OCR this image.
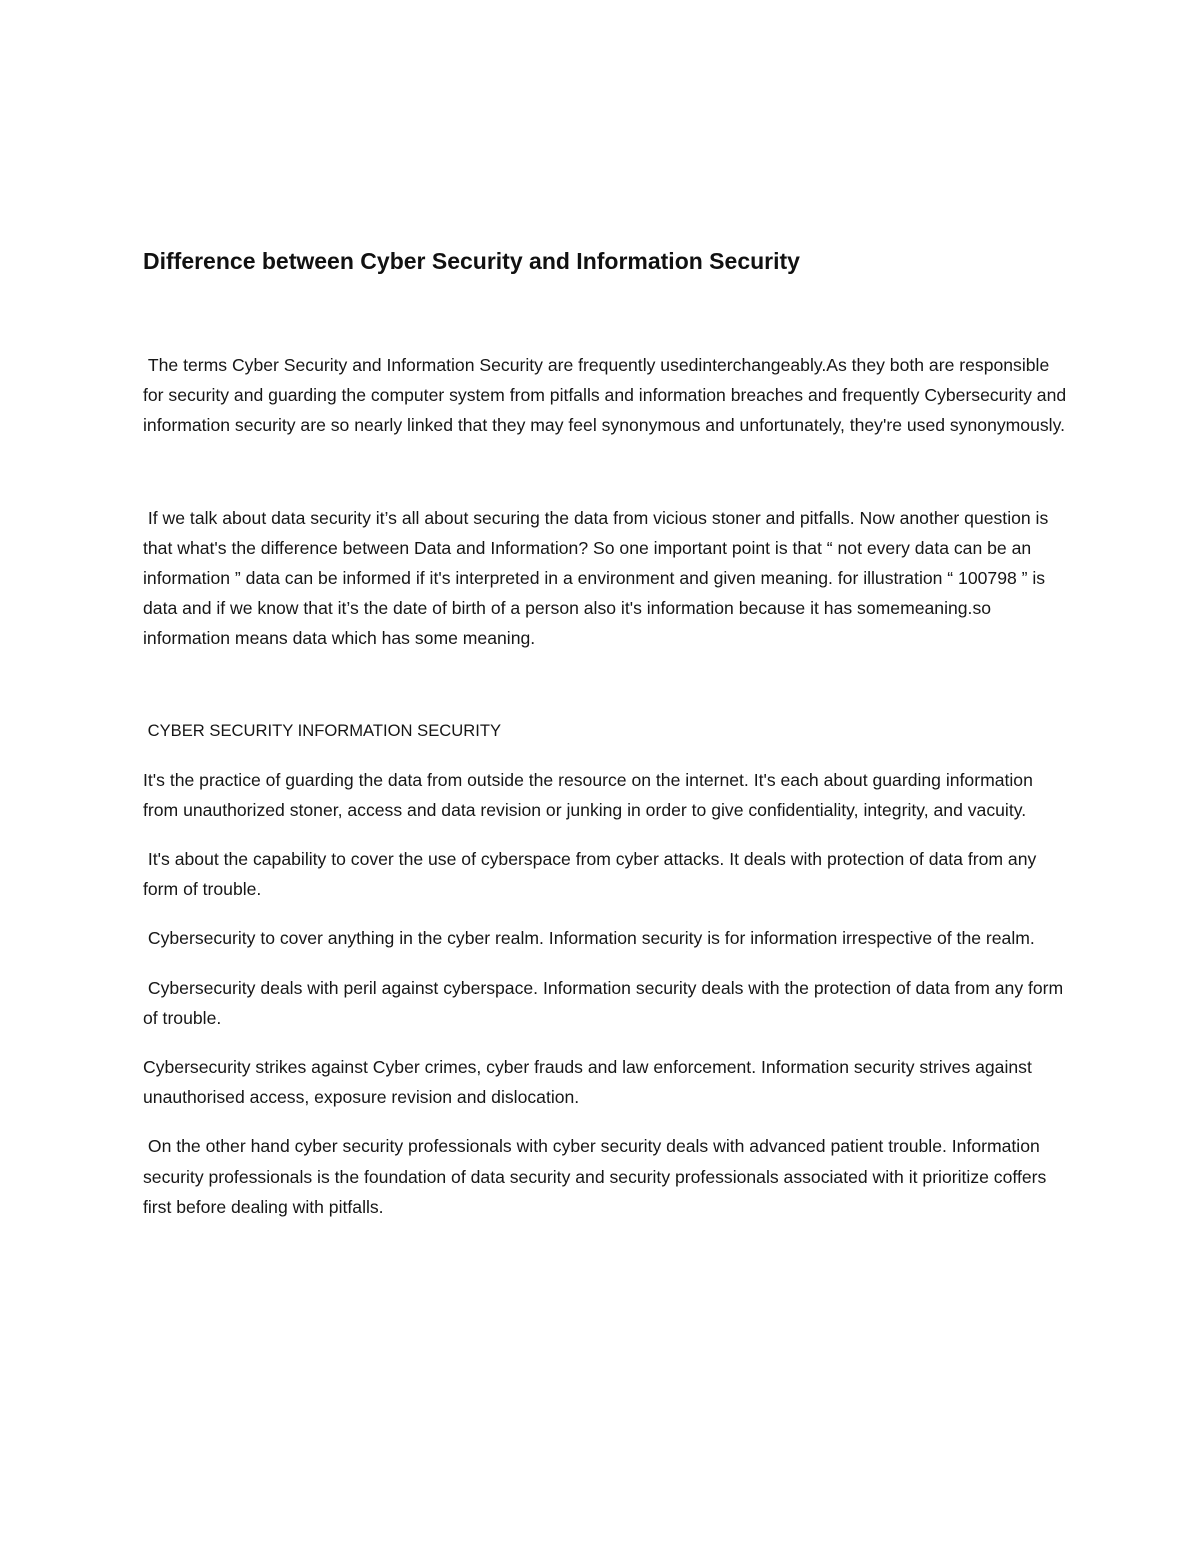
Difference between Cyber Security and Information Security

The terms Cyber Security and Information Security are frequently usedinterchangeably.As they both are responsible for security and guarding the computer system from pitfalls and information breaches and frequently Cybersecurity and information security are so nearly linked that they may feel synonymous and unfortunately, they're used synonymously.

If we talk about data security it’s all about securing the data from vicious stoner and pitfalls. Now another question is that what's the difference between Data and Information? So one important point is that “ not every data can be an information ” data can be informed if it's interpreted in a environment and given meaning. for illustration “ 100798 ” is data and if we know that it’s the date of birth of a person also it's information because it has somemeaning.so information means data which has some meaning.

CYBER SECURITY INFORMATION SECURITY

It's the practice of guarding the data from outside the resource on the internet. It's each about guarding information from unauthorized stoner, access and data revision or junking in order to give confidentiality, integrity, and vacuity.

It's about the capability to cover the use of cyberspace from cyber attacks. It deals with protection of data from any form of trouble.

Cybersecurity to cover anything in the cyber realm. Information security is for information irrespective of the realm.

Cybersecurity deals with peril against cyberspace. Information security deals with the protection of data from any form of trouble.

Cybersecurity strikes against Cyber crimes, cyber frauds and law enforcement. Information security strives against unauthorised access, exposure revision and dislocation.

On the other hand cyber security professionals with cyber security deals with advanced patient trouble. Information security professionals is the foundation of data security and security professionals associated with it prioritize coffers first before dealing with pitfalls.
